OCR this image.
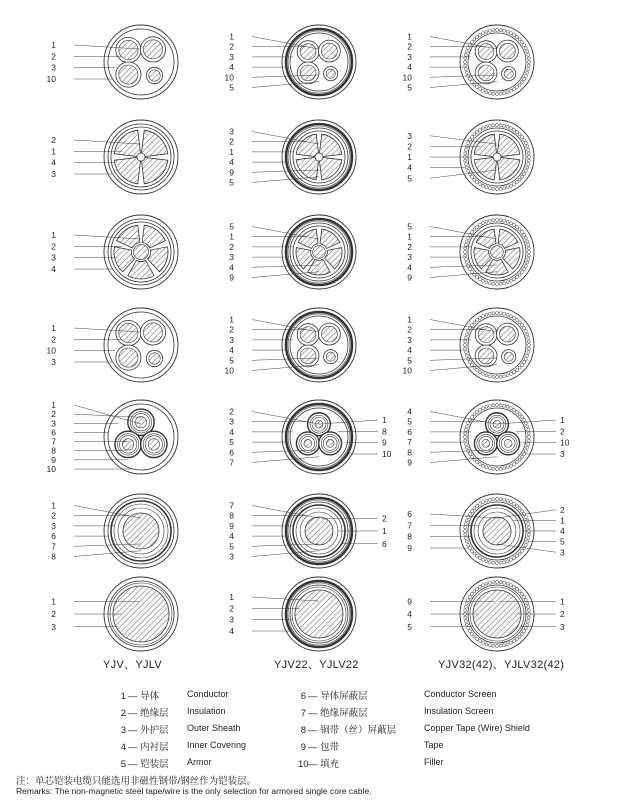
1
2
3
10
1
2
3
4
10
5
1
2
3
4
10
5
2
1
4
3
3
2
1
4
9
5
3
2
1
4
5
1
2
3
4
5
1
2
3
4
9
5
1
2
3
4
9
1
2
10
3
1
2
3
4
5
10
1
2
3
4
5
10
1
2
3
6
7
8
9
10
2
3
4
5
6
7
1
8
9
10
4
5
6
7
8
9
1
2
10
3
1
2
3
6
7
8
7
8
9
4
5
3
2
1
6
6
7
8
9
2
1
4
5
3
1
2
3
1
2
3
4
9
4
5
1
2
3
YJV、YJLV	YJV22、YJLV22	YJV32(42)、YJLV32(42)
1 — 导体	Conductor
2 — 绝缘层 Insulation
3 — 外护层 Outer Sheath
4 — 内衬层 Inner Covering
5 — 铠装层 Armor
6 — 导体屏蔽层	Conductor Screen
7 — 绝缘屏蔽层	Insulation Screen
8 — 铜带（丝）屏蔽层	Copper Tape (Wire) Shield
9 — 包带	Tape
10— 填充	Filler
注：单芯铠装电缆只能选用非磁性钢带/钢丝作为铠装层。
Remarks: The non-magnetic steel tape/wire is the only selection for armored single core cable.
